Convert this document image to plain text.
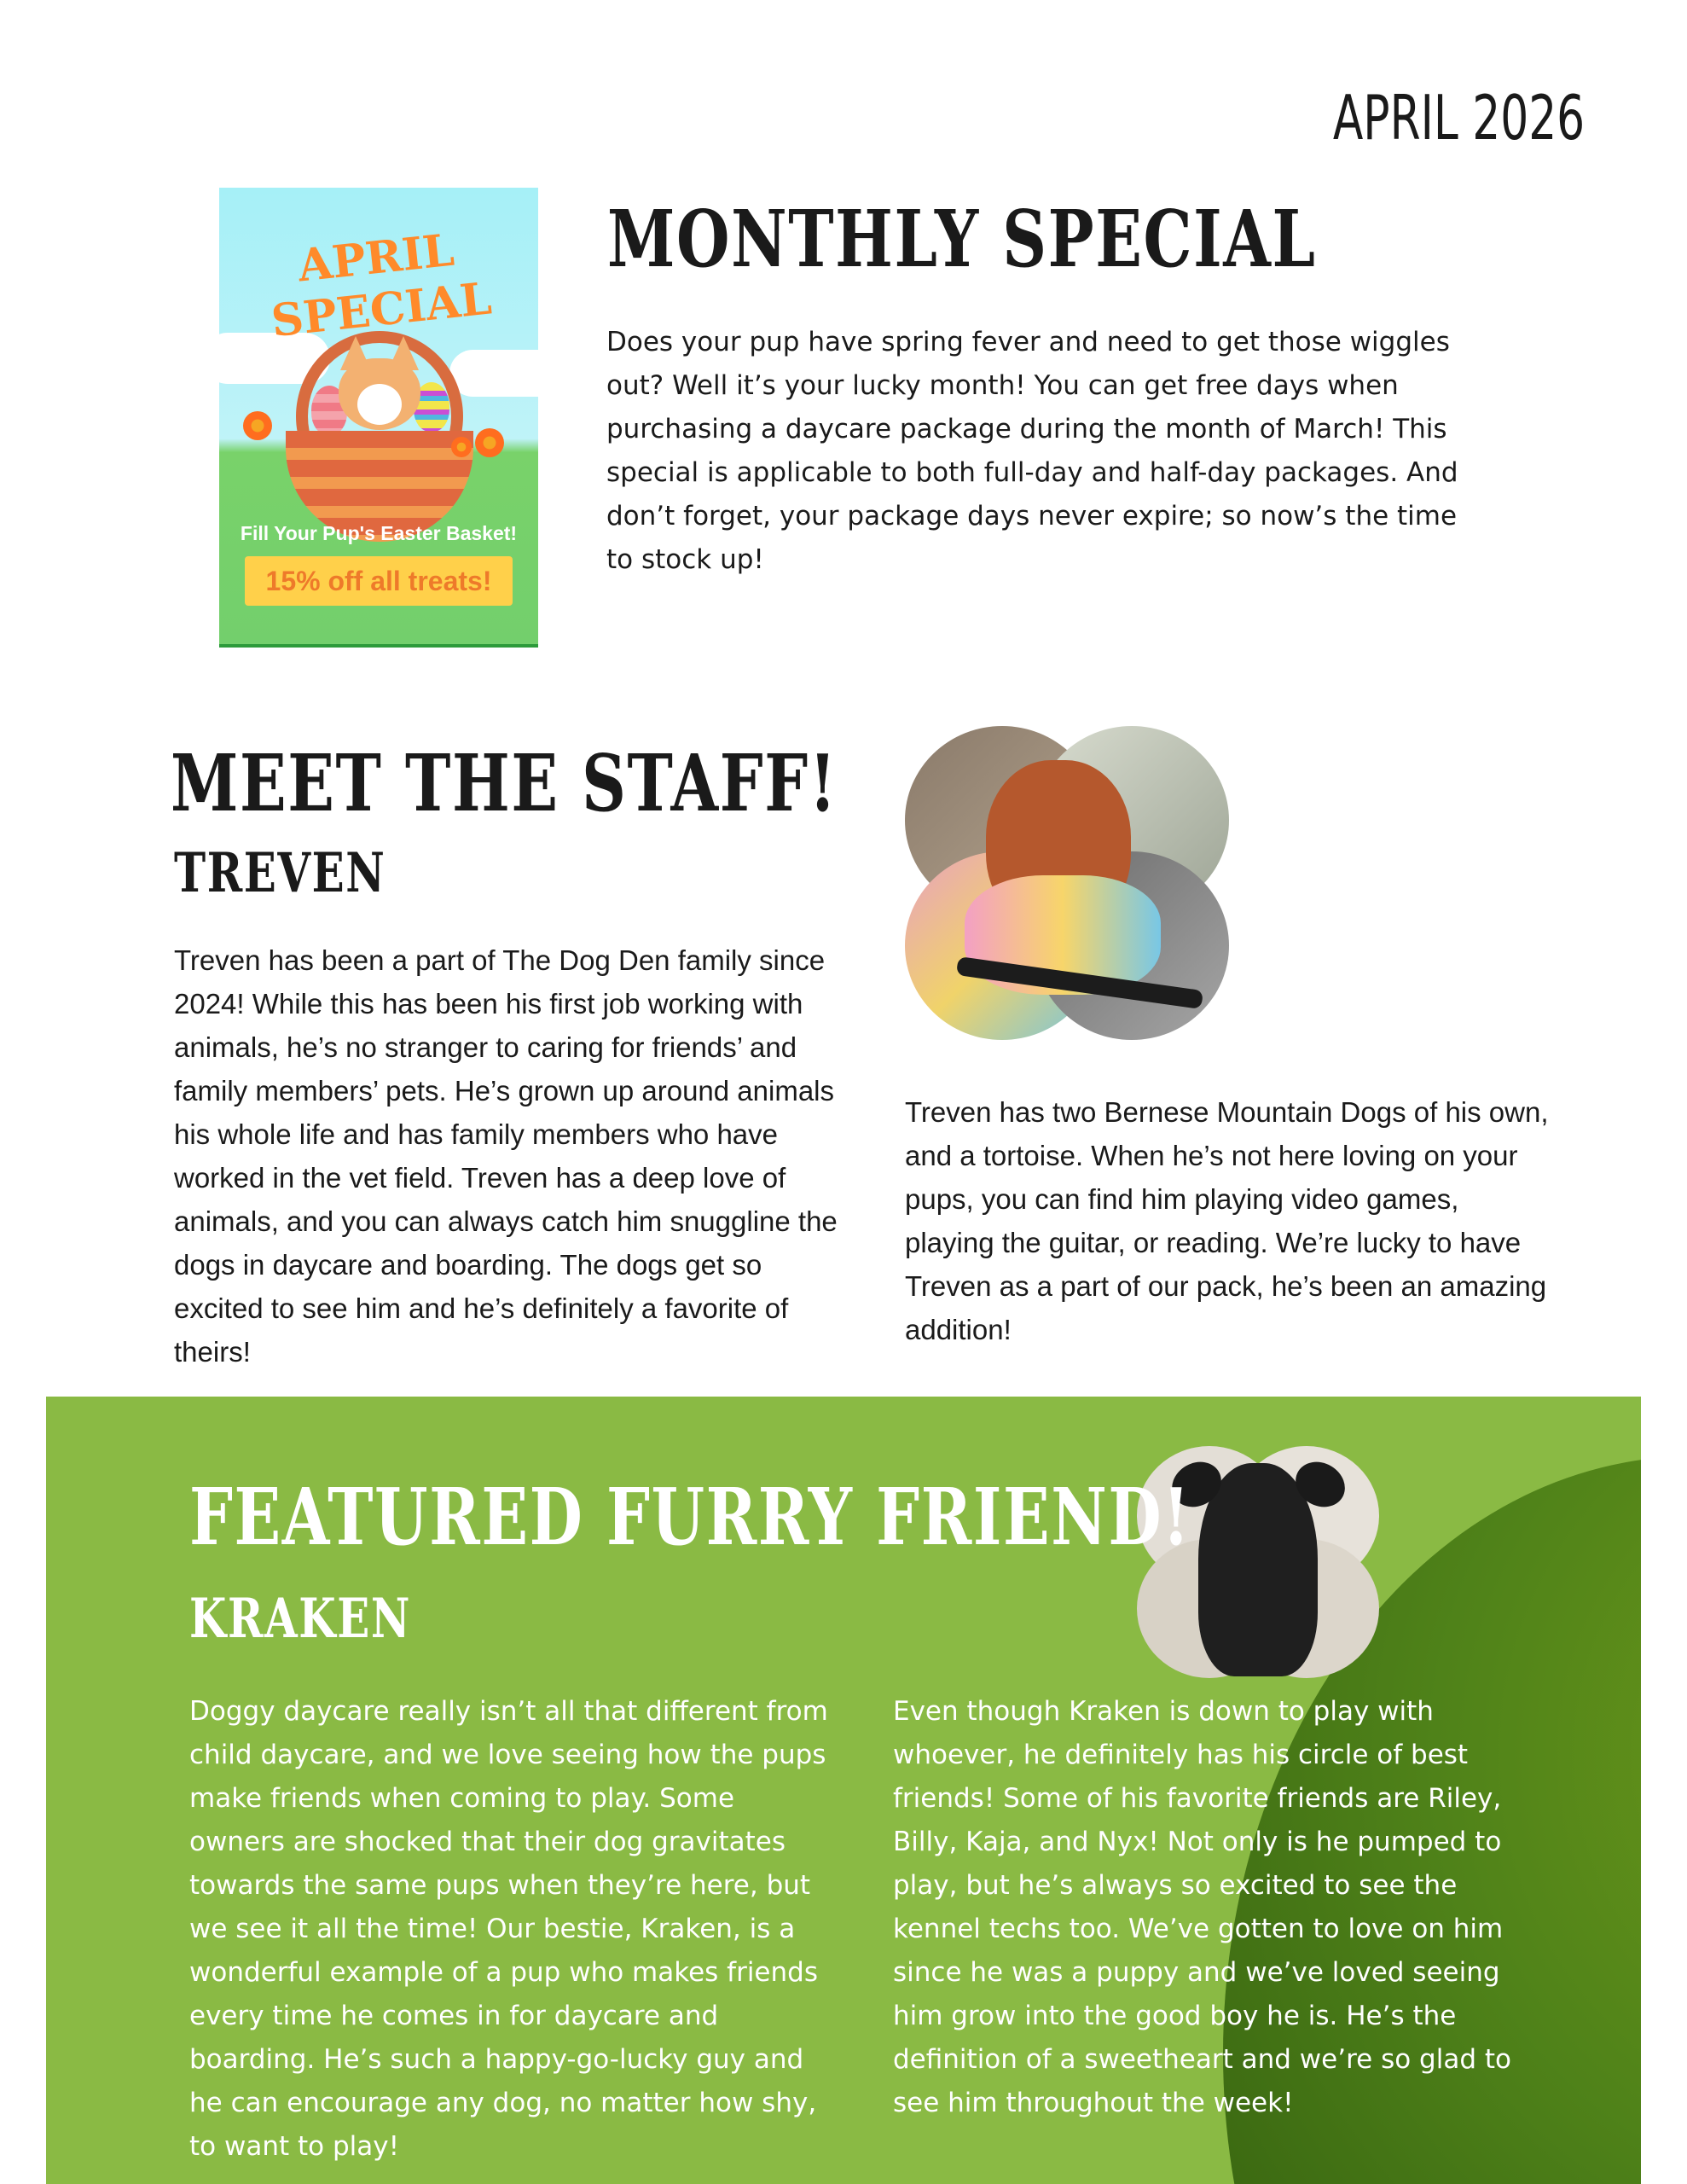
APRIL 2026
APRIL SPECIAL
Fill Your Pup's Easter Basket!
15% off all treats!
MONTHLY SPECIAL

Does your pup have spring fever and need to get those wiggles out? Well it’s your lucky month! You can get free days when purchasing a daycare package during the month of March! This special is applicable to both full-day and half-day packages. And don’t forget, your package days never expire; so now’s the time to stock up!

MEET THE STAFF!
TREVEN

Treven has been a part of The Dog Den family since 2024! While this has been his first job working with animals, he’s no stranger to caring for friends’ and family members’ pets. He’s grown up around animals his whole life and has family members who have worked in the vet field. Treven has a deep love of animals, and you can always catch him snuggline the dogs in daycare and boarding. The dogs get so excited to see him and he’s definitely a favorite of theirs!

Treven has two Bernese Mountain Dogs of his own, and a tortoise. When he’s not here loving on your pups, you can find him playing video games, playing the guitar, or reading. We’re lucky to have Treven as a part of our pack, he’s been an amazing addition!

FEATURED FURRY FRIEND!
KRAKEN

Doggy daycare really isn’t all that different from child daycare, and we love seeing how the pups make friends when coming to play. Some owners are shocked that their dog gravitates towards the same pups when they’re here, but we see it all the time! Our bestie, Kraken, is a wonderful example of a pup who makes friends every time he comes in for daycare and boarding. He’s such a happy-go-lucky guy and he can encourage any dog, no matter how shy, to want to play!

Even though Kraken is down to play with whoever, he definitely has his circle of best friends! Some of his favorite friends are Riley, Billy, Kaja, and Nyx! Not only is he pumped to play, but he’s always so excited to see the kennel techs too. We’ve gotten to love on him since he was a puppy and we’ve loved seeing him grow into the good boy he is. He’s the definition of a sweetheart and we’re so glad to see him throughout the week!
